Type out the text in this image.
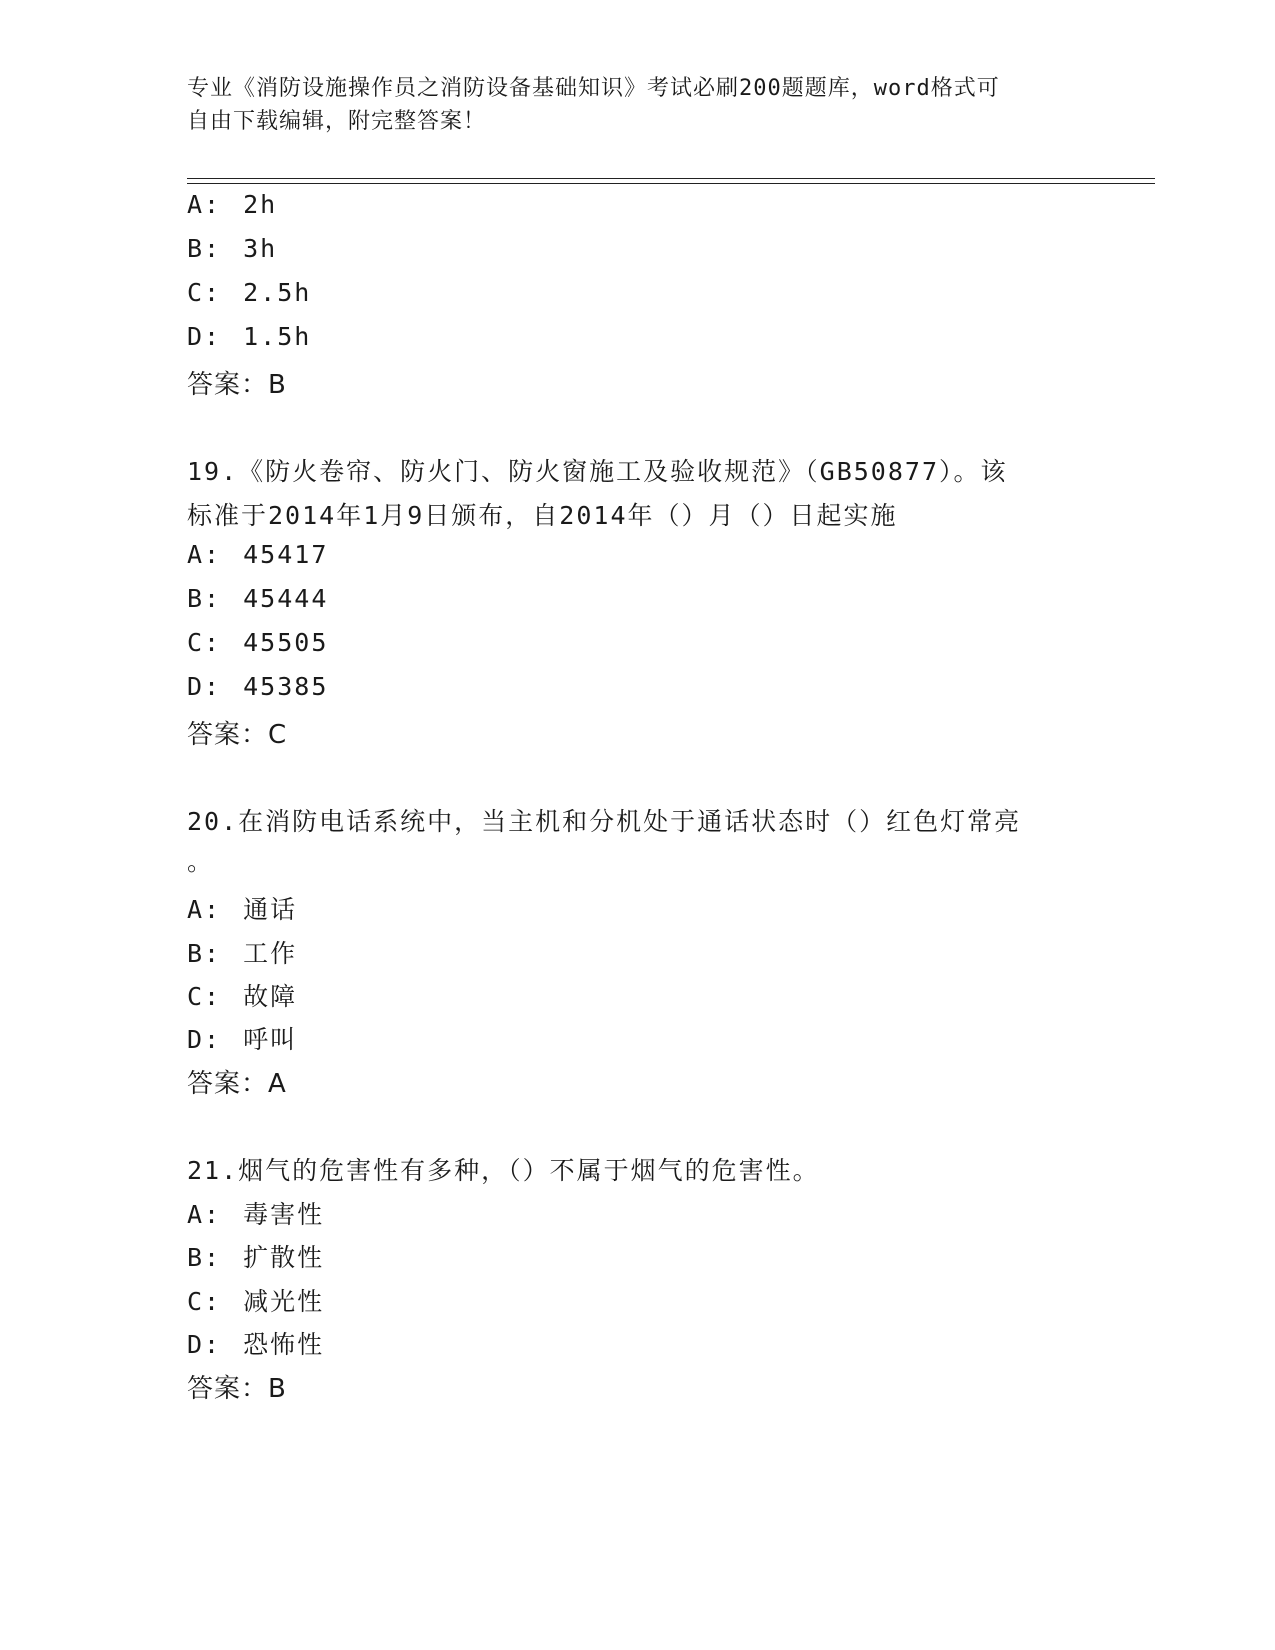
专业《消防设施操作员之消防设备基础知识》考试必刷200题题库，word格式可
自由下载编辑，附完整答案！
A: 2h
B: 3h
C: 2.5h
D: 1.5h
答案：B
19.《防火卷帘、防火门、防火窗施工及验收规范》（GB50877）。该
标准于2014年1月9日颁布，自2014年（）月（）日起实施
A: 45417
B: 45444
C: 45505
D: 45385
答案：C
20.在消防电话系统中，当主机和分机处于通话状态时（）红色灯常亮
。
A: 通话
B: 工作
C: 故障
D: 呼叫
答案：A
21.烟气的危害性有多种，（）不属于烟气的危害性。
A: 毒害性
B: 扩散性
C: 减光性
D: 恐怖性
答案：B
